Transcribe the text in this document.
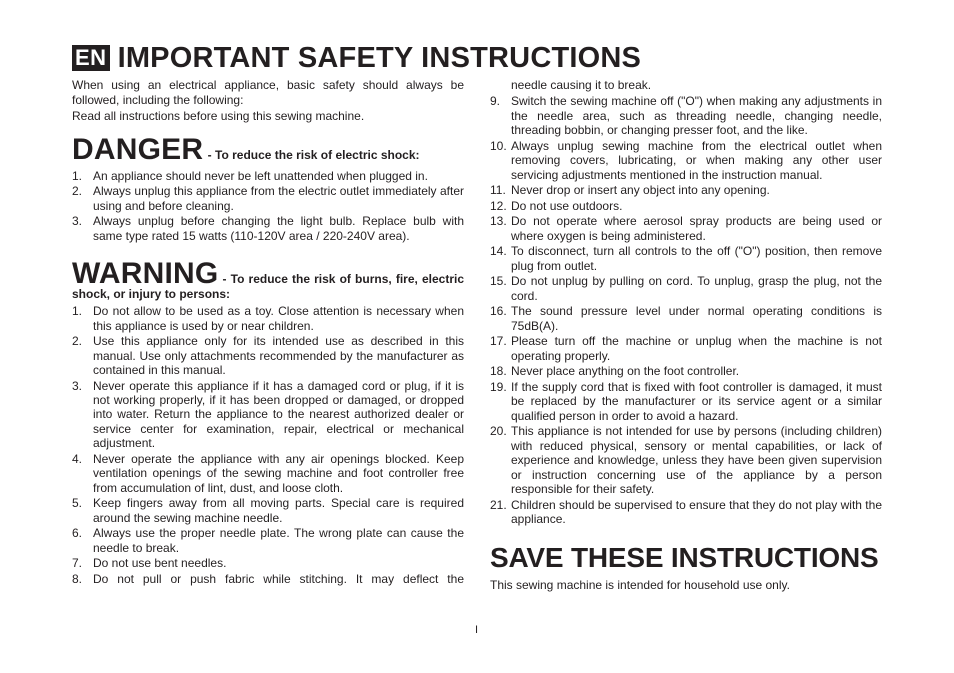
EN IMPORTANT SAFETY INSTRUCTIONS

When using an electrical appliance, basic safety should always be followed, including the following:

Read all instructions before using this sewing machine.

DANGER - To reduce the risk of electric shock:
1. An appliance should never be left unattended when plugged in.
2. Always unplug this appliance from the electric outlet immediately after using and before cleaning.
3. Always unplug before changing the light bulb. Replace bulb with same type rated 15 watts (110-120V area / 220-240V area).
WARNING - To reduce the risk of burns, fire, electric shock, or injury to persons:
1. Do not allow to be used as a toy. Close attention is necessary when this appliance is used by or near children.
2. Use this appliance only for its intended use as described in this manual. Use only attachments recommended by the manufacturer as contained in this manual.
3. Never operate this appliance if it has a damaged cord or plug, if it is not working properly, if it has been dropped or damaged, or dropped into water. Return the appliance to the nearest authorized dealer or service center for examination, repair, electrical or mechanical adjustment.
4. Never operate the appliance with any air openings blocked. Keep ventilation openings of the sewing machine and foot controller free from accumulation of lint, dust, and loose cloth.
5. Keep fingers away from all moving parts. Special care is required around the sewing machine needle.
6. Always use the proper needle plate. The wrong plate can cause the needle to break.
7. Do not use bent needles.
8. Do not pull or push fabric while stitching. It may deflect the

needle causing it to break.

9. Switch the sewing machine off ("O") when making any adjustments in the needle area, such as threading needle, changing needle, threading bobbin, or changing presser foot, and the like.
10. Always unplug sewing machine from the electrical outlet when removing covers, lubricating, or when making any other user servicing adjustments mentioned in the instruction manual.
11. Never drop or insert any object into any opening.
12. Do not use outdoors.
13. Do not operate where aerosol spray products are being used or where oxygen is being administered.
14. To disconnect, turn all controls to the off ("O") position, then remove plug from outlet.
15. Do not unplug by pulling on cord. To unplug, grasp the plug, not the cord.
16. The sound pressure level under normal operating conditions is 75dB(A).
17. Please turn off the machine or unplug when the machine is not operating properly.
18. Never place anything on the foot controller.
19. If the supply cord that is fixed with foot controller is damaged, it must be replaced by the manufacturer or its service agent or a similar qualified person in order to avoid a hazard.
20. This appliance is not intended for use by persons (including children) with reduced physical, sensory or mental capabilities, or lack of experience and knowledge, unless they have been given supervision or instruction concerning use of the appliance by a person responsible for their safety.
21. Children should be supervised to ensure that they do not play with the appliance.
SAVE THESE INSTRUCTIONS

This sewing machine is intended for household use only.

I
